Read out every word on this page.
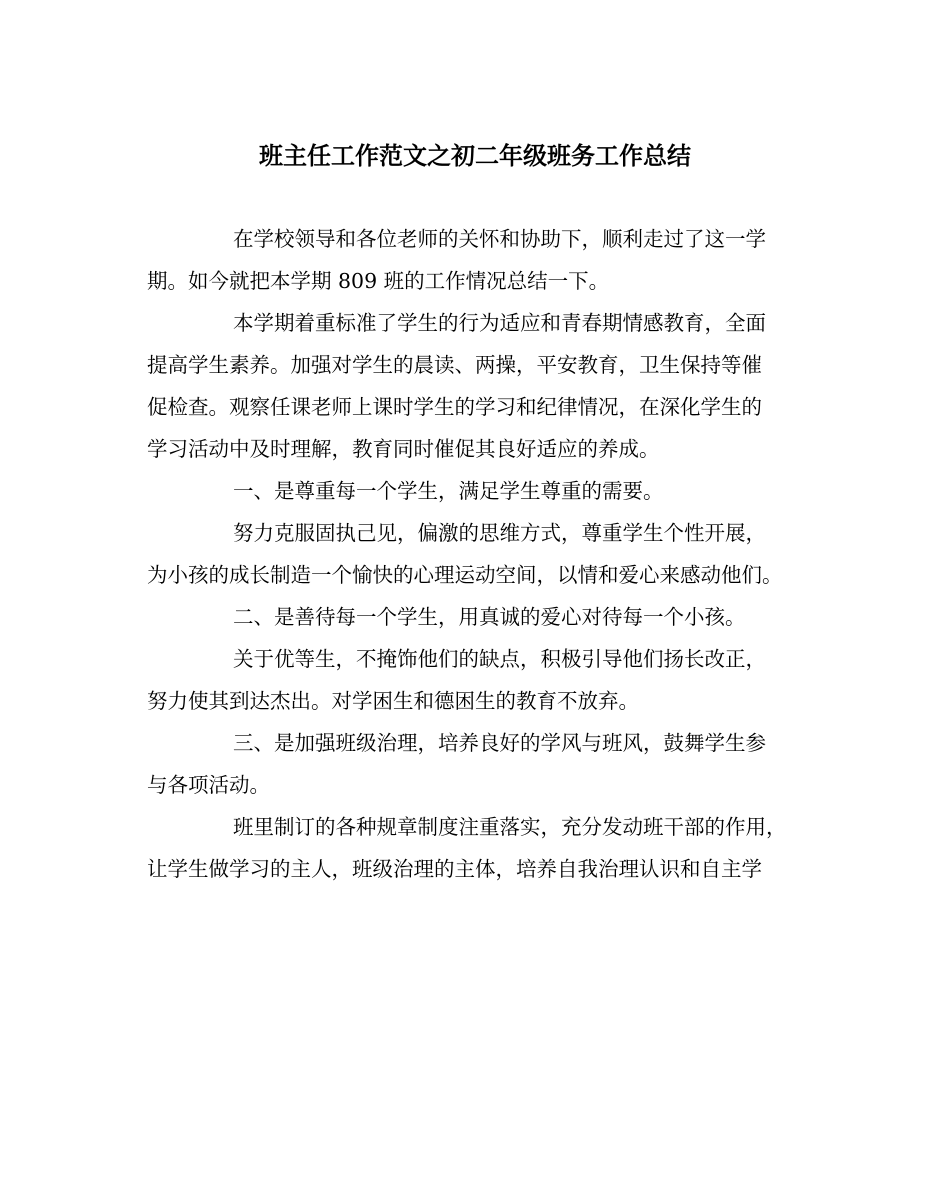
班主任工作范文之初二年级班务工作总结
在学校领导和各位老师的关怀和协助下，顺利走过了这一学
期。如今就把本学期 809 班的工作情况总结一下。
本学期着重标准了学生的行为适应和青春期情感教育，全面
提高学生素养。加强对学生的晨读、两操，平安教育，卫生保持等催
促检查。观察任课老师上课时学生的学习和纪律情况，在深化学生的
学习活动中及时理解，教育同时催促其良好适应的养成。
一、是尊重每一个学生，满足学生尊重的需要。
努力克服固执己见，偏激的思维方式，尊重学生个性开展，
为小孩的成长制造一个愉快的心理运动空间，以情和爱心来感动他们。
二、是善待每一个学生，用真诚的爱心对待每一个小孩。
关于优等生，不掩饰他们的缺点，积极引导他们扬长改正，
努力使其到达杰出。对学困生和德困生的教育不放弃。
三、是加强班级治理，培养良好的学风与班风，鼓舞学生参
与各项活动。
班里制订的各种规章制度注重落实，充分发动班干部的作用，
让学生做学习的主人，班级治理的主体，培养自我治理认识和自主学
